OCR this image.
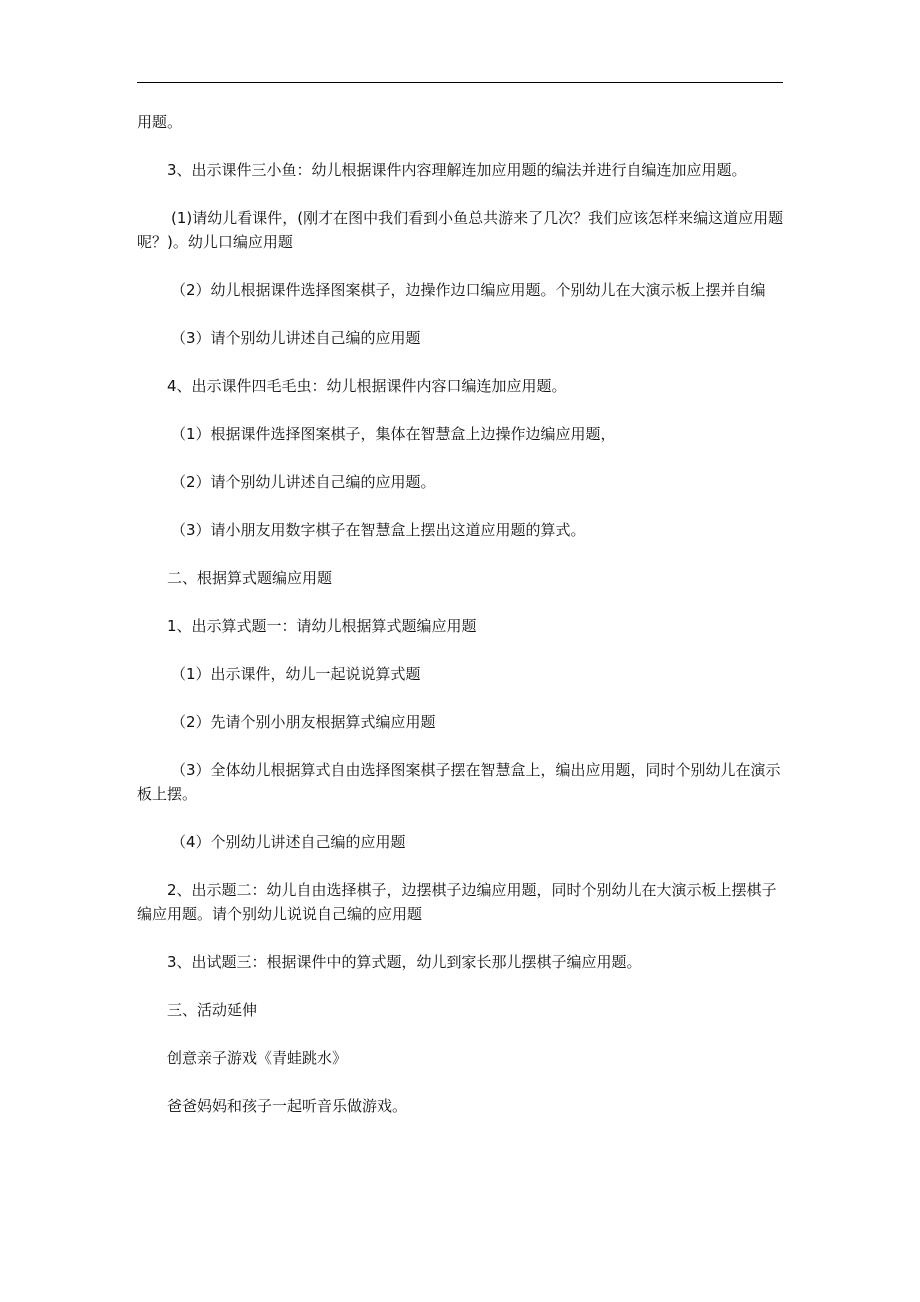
用题。

3、出示课件三小鱼：幼儿根据课件内容理解连加应用题的编法并进行自编连加应用题。

(1)请幼儿看课件，(刚才在图中我们看到小鱼总共游来了几次？我们应该怎样来编这道应用题呢？)。幼儿口编应用题

（2）幼儿根据课件选择图案棋子，边操作边口编应用题。个别幼儿在大演示板上摆并自编

（3）请个别幼儿讲述自己编的应用题

4、出示课件四毛毛虫：幼儿根据课件内容口编连加应用题。

（1）根据课件选择图案棋子，集体在智慧盒上边操作边编应用题，

（2）请个别幼儿讲述自己编的应用题。

（3）请小朋友用数字棋子在智慧盒上摆出这道应用题的算式。

二、根据算式题编应用题

1、出示算式题一：请幼儿根据算式题编应用题

（1）出示课件，幼儿一起说说算式题

（2）先请个别小朋友根据算式编应用题

（3）全体幼儿根据算式自由选择图案棋子摆在智慧盒上，编出应用题，同时个别幼儿在演示板上摆。

（4）个别幼儿讲述自己编的应用题

2、出示题二：幼儿自由选择棋子，边摆棋子边编应用题，同时个别幼儿在大演示板上摆棋子编应用题。请个别幼儿说说自己编的应用题

3、出试题三：根据课件中的算式题，幼儿到家长那儿摆棋子编应用题。

三、活动延伸

创意亲子游戏《青蛙跳水》

爸爸妈妈和孩子一起听音乐做游戏。
